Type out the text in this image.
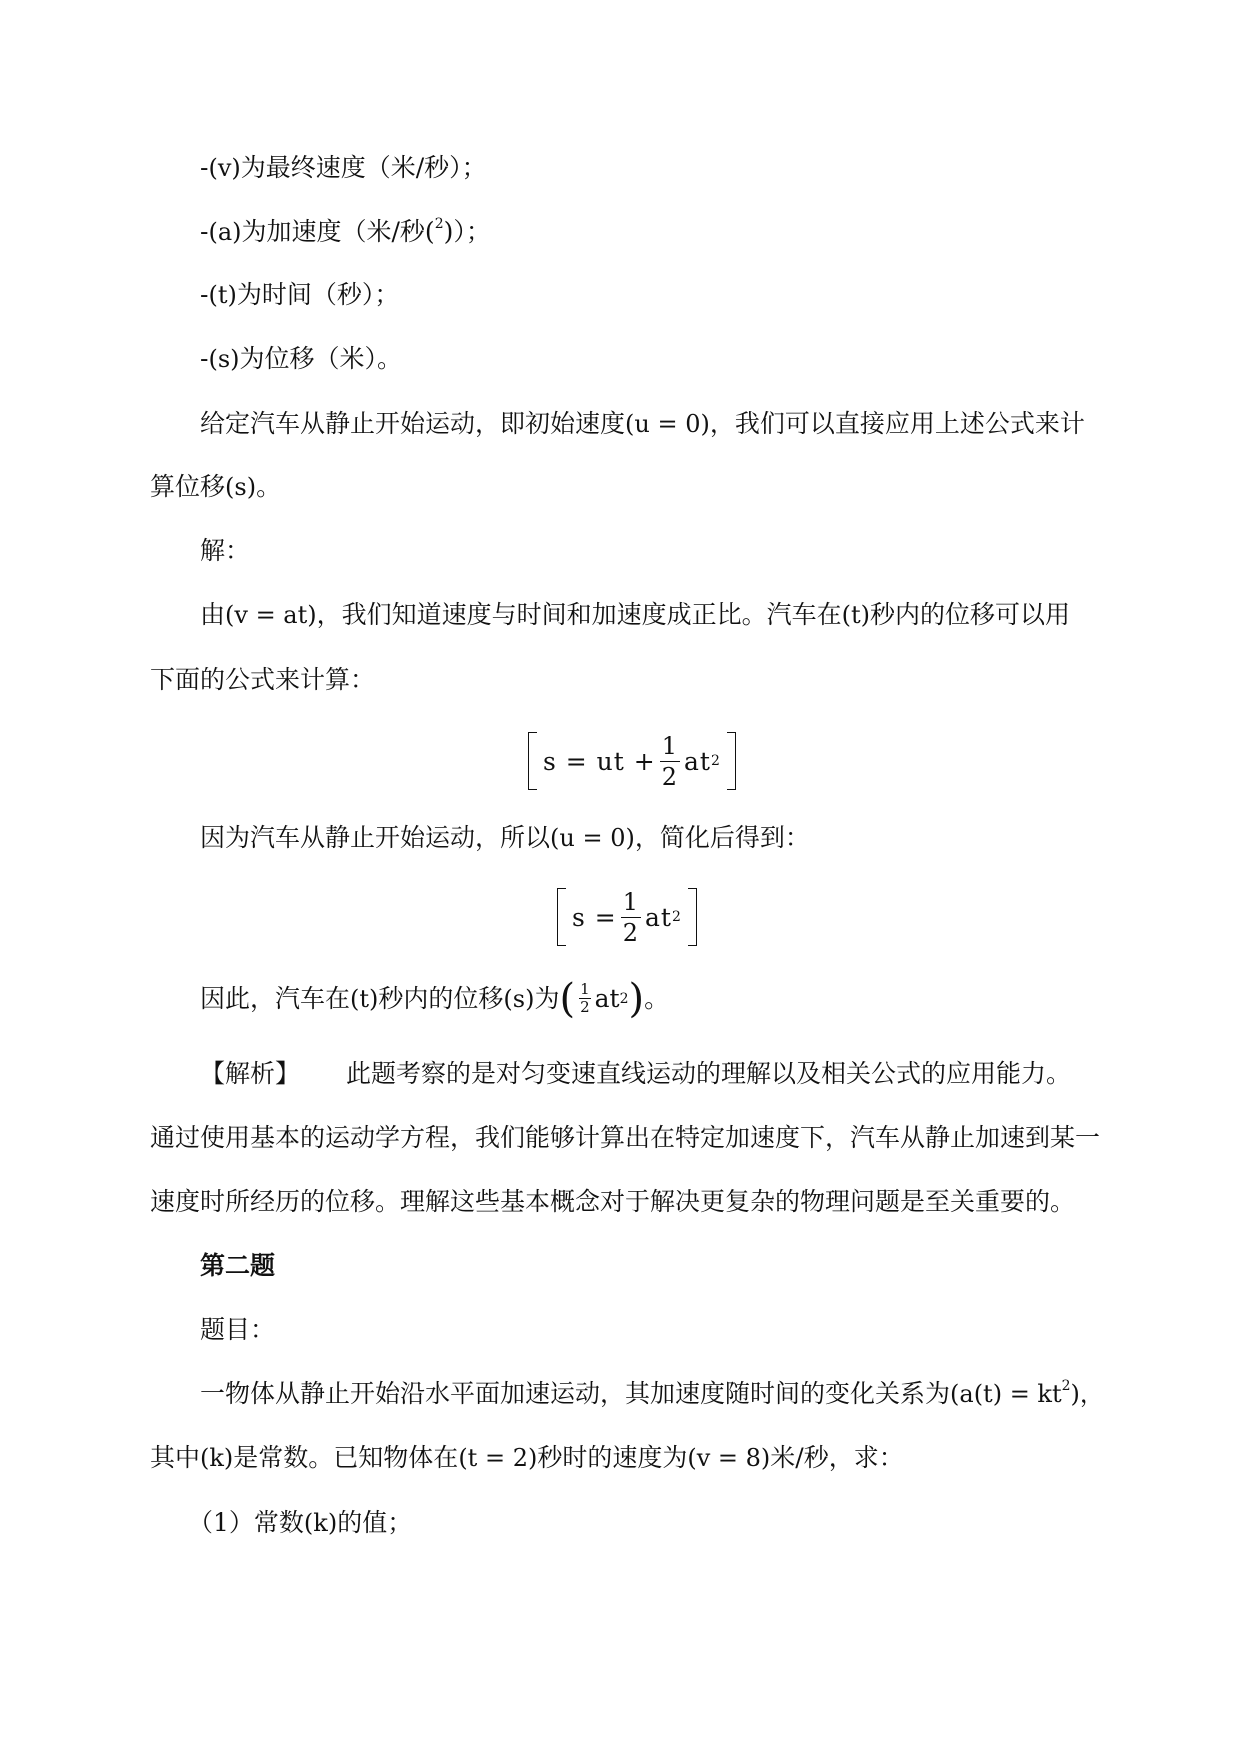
-(v)为最终速度（米/秒）；
-(a)为加速度（米/秒($^2$)）；
-(t)为时间（秒）；
-(s)为位移（米）。
给定汽车从静止开始运动，即初始速度(u = 0)，我们可以直接应用上述公式来计
算位移(s)。
解：
由(v = at)，我们知道速度与时间和加速度成正比。汽车在(t)秒内的位移可以用
下面的公式来计算：
s = ut + $\frac{1}{2}$ at 2
因为汽车从静止开始运动，所以(u = 0)，简化后得到：
$s = \frac{1}{2}$ at 2
因此，汽车在 (t) 秒内的位移 (s) 为 ( $\frac{1}{2}$ at 2 ) 。
【解析】 此题考察的是对匀变速直线运动的理解以及相关公式的应用能力。
通过使用基本的运动学方程，我们能够计算出在特定加速度下，汽车从静止加速到某一
速度时所经历的位移。理解这些基本概念对于解决更复杂的物理问题是至关重要的。
第二题
题目：
一物体从静止开始沿水平面加速运动，其加速度随时间的变化关系为$(a(t) = kt^2)$，
其中(k)是常数。已知物体在(t = 2)秒时的速度为(v = 8)米/秒，求：
（1）常数(k)的值；
